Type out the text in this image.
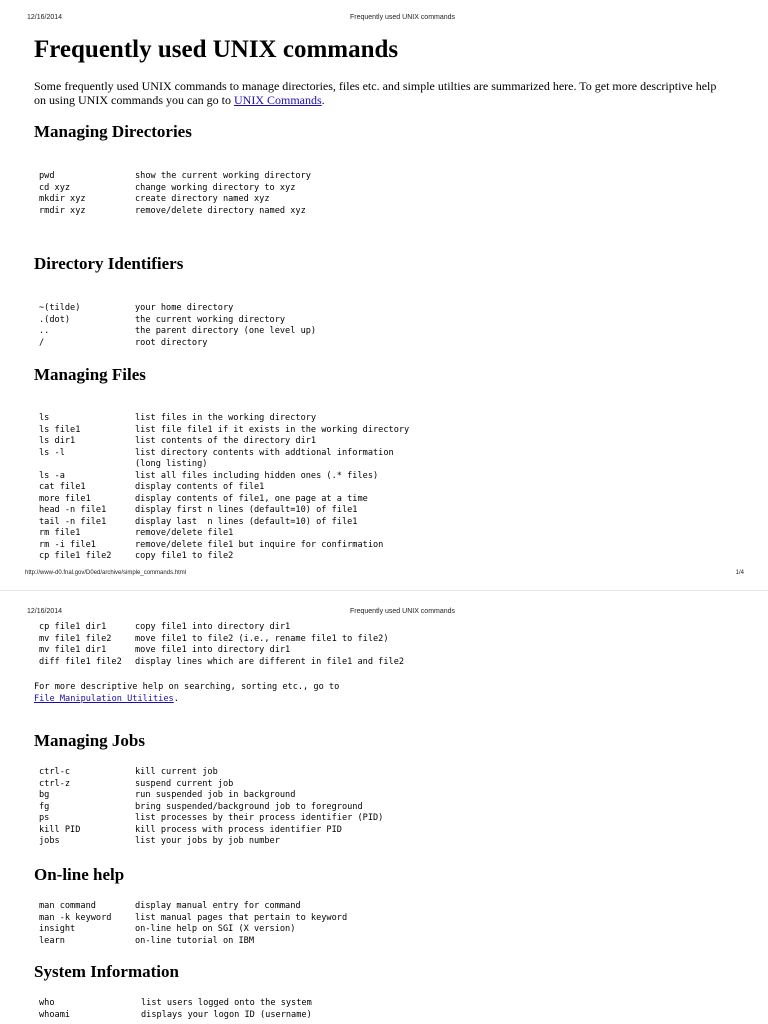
12/16/2014	Frequently used UNIX commands
Frequently used UNIX commands

Some frequently used UNIX commands to manage directories, files etc. and simple utilties are summarized here. To get more descriptive help on using UNIX commands you can go to UNIX Commands.

Managing Directories
pwd	show the current working directory
cd xyz	change working directory to xyz
mkdir xyz	create directory named xyz
rmdir xyz	remove/delete directory named xyz
Directory Identifiers
~(tilde)	your home directory
.(dot)	the current working directory
..	the parent directory (one level up)
/	root directory
Managing Files
ls	list files in the working directory
ls file1	list file file1 if it exists in the working directory
ls dir1	list contents of the directory dir1
ls -l	list directory contents with addtional information
(long listing)
ls -a	list all files including hidden ones (.* files)
cat file1	display contents of file1
more file1	display contents of file1, one page at a time
head -n file1	display first n lines (default=10) of file1
tail -n file1	display last  n lines (default=10) of file1
rm file1	remove/delete file1
rm -i file1	remove/delete file1 but inquire for confirmation
cp file1 file2	copy file1 to file2
http://www-d0.fnal.gov/D0ed/archive/simple_commands.html	1/4
12/16/2014	Frequently used UNIX commands
cp file1 dir1	copy file1 into directory dir1
mv file1 file2	move file1 to file2 (i.e., rename file1 to file2)
mv file1 dir1	move file1 into directory dir1
diff file1 file2	display lines which are different in file1 and file2
For more descriptive help on searching, sorting etc., go to
File Manipulation Utilities.
Managing Jobs
ctrl-c	kill current job
ctrl-z	suspend current job
bg	run suspended job in background
fg	bring suspended/background job to foreground
ps	list processes by their process identifier (PID)
kill PID	kill process with process identifier PID
jobs	list your jobs by job number
On-line help
man command	display manual entry for command
man -k keyword	list manual pages that pertain to keyword
insight	on-line help on SGI (X version)
learn	on-line tutorial on IBM
System Information
who	list users logged onto the system
whoami	displays your logon ID (username)
